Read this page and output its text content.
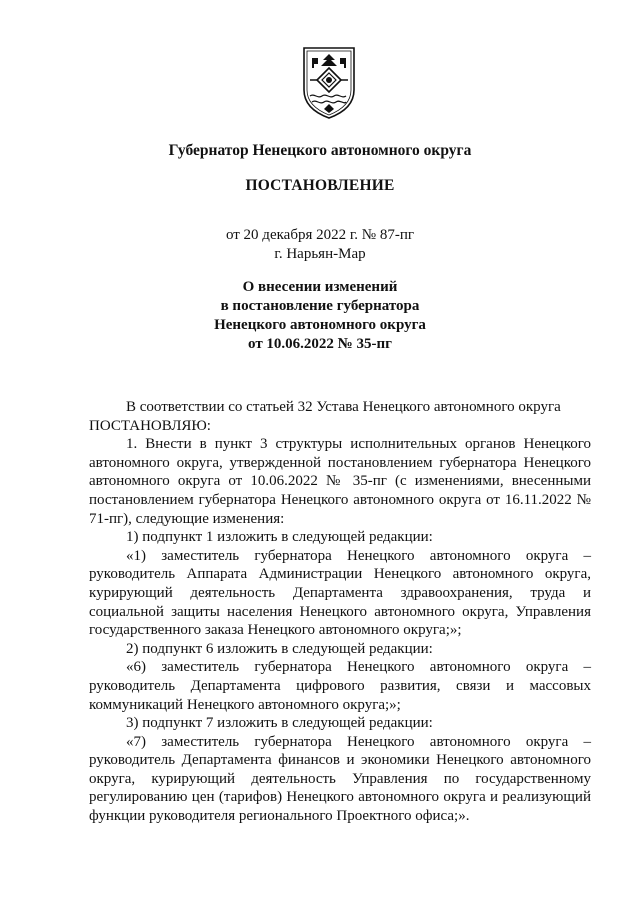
Губернатор Ненецкого автономного округа
ПОСТАНОВЛЕНИЕ
от 20 декабря 2022 г. № 87-пг
г. Нарьян-Мар
О внесении изменений
в постановление губернатора
Ненецкого автономного округа
от 10.06.2022 № 35-пг

В соответствии со статьей 32 Устава Ненецкого автономного округа

ПОСТАНОВЛЯЮ:

1. Внести в пункт 3 структуры исполнительных органов Ненецкого автономного округа, утвержденной постановлением губернатора Ненецкого автономного округа от 10.06.2022 № 35-пг (с изменениями, внесенными постановлением губернатора Ненецкого автономного округа от 16.11.2022 № 71-пг), следующие изменения:

1) подпункт 1 изложить в следующей редакции:

«1) заместитель губернатора Ненецкого автономного округа – руководитель Аппарата Администрации Ненецкого автономного округа, курирующий деятельность Департамента здравоохранения, труда и социальной защиты населения Ненецкого автономного округа, Управления государственного заказа Ненецкого автономного округа;»;

2) подпункт 6 изложить в следующей редакции:

«6) заместитель губернатора Ненецкого автономного округа – руководитель Департамента цифрового развития, связи и массовых коммуникаций Ненецкого автономного округа;»;

3) подпункт 7 изложить в следующей редакции:

«7) заместитель губернатора Ненецкого автономного округа – руководитель Департамента финансов и экономики Ненецкого автономного округа, курирующий деятельность Управления по государственному регулированию цен (тарифов) Ненецкого автономного округа и реализующий функции руководителя регионального Проектного офиса;».
